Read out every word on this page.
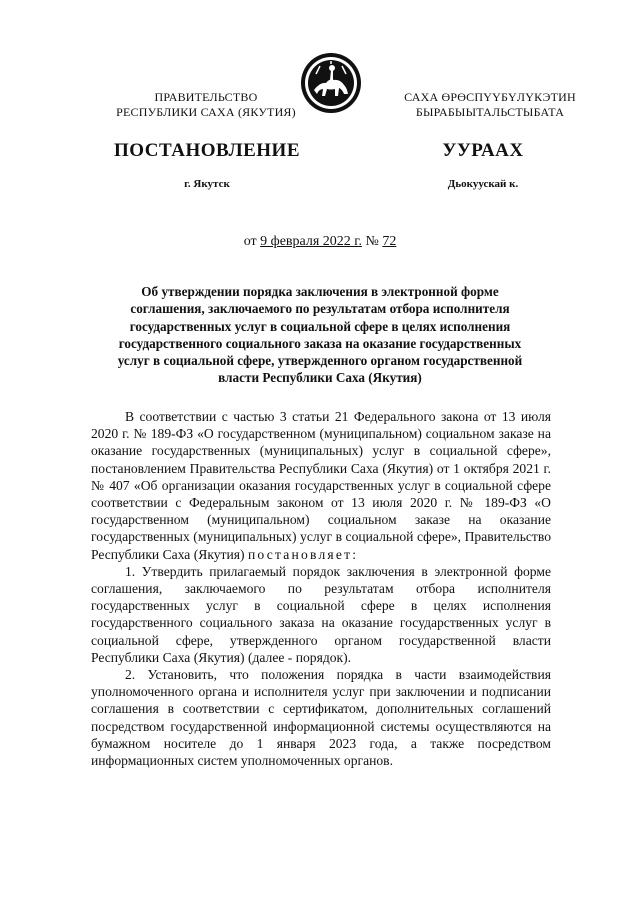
ПРАВИТЕЛЬСТВО
РЕСПУБЛИКИ САХА (ЯКУТИЯ)
САХА ӨРӨСПҮҮБҮЛҮКЭТИН
БЫРАБЫЫТАЛЬСТЫБАТА
ПОСТАНОВЛЕНИЕ	УУРААХ
г. Якутск	Дьокуускай к.
от 9 февраля 2022 г. № 72
Об утверждении порядка заключения в электронной форме соглашения, заключаемого по результатам отбора исполнителя государственных услуг в социальной сфере в целях исполнения государственного социального заказа на оказание государственных услуг в социальной сфере, утвержденного органом государственной власти Республики Саха (Якутия)

В соответствии с частью 3 статьи 21 Федерального закона от 13 июля 2020 г. № 189-ФЗ «О государственном (муниципальном) социальном заказе на оказание государственных (муниципальных) услуг в социальной сфере», постановлением Правительства Республики Саха (Якутия) от 1 октября 2021 г. № 407 «Об организации оказания государственных услуг в социальной сфере соответствии с Федеральным законом от 13 июля 2020 г. № 189-ФЗ «О государственном (муниципальном) социальном заказе на оказание государственных (муниципальных) услуг в социальной сфере», Правительство Республики Саха (Якутия) постановляет:

1. Утвердить прилагаемый порядок заключения в электронной форме соглашения, заключаемого по результатам отбора исполнителя государственных услуг в социальной сфере в целях исполнения государственного социального заказа на оказание государственных услуг в социальной сфере, утвержденного органом государственной власти Республики Саха (Якутия) (далее - порядок).

2. Установить, что положения порядка в части взаимодействия уполномоченного органа и исполнителя услуг при заключении и подписании соглашения в соответствии с сертификатом, дополнительных соглашений посредством государственной информационной системы осуществляются на бумажном носителе до 1 января 2023 года, а также посредством информационных систем уполномоченных органов.
